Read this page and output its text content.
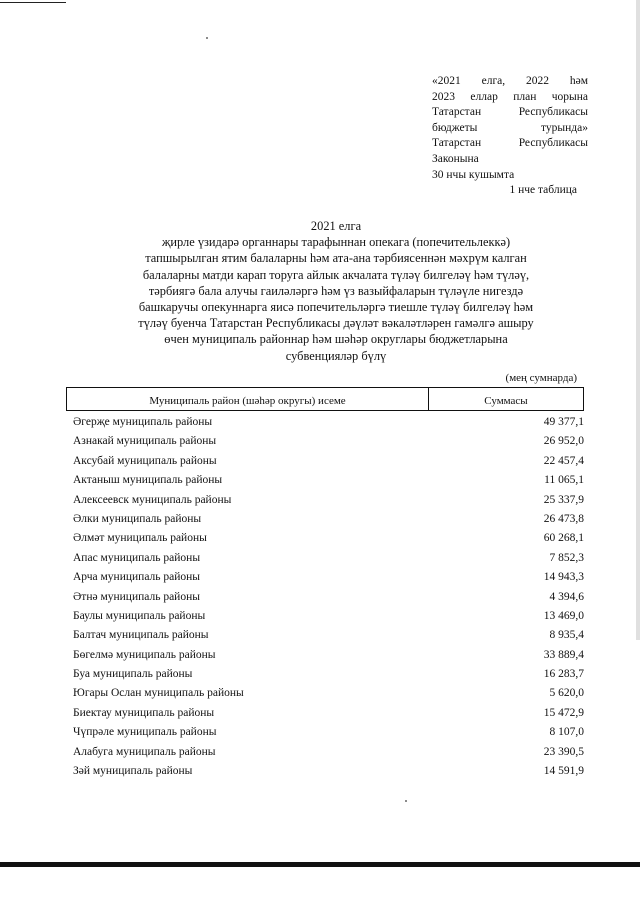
«2021 елга, 2022 һәм
2023 еллар план чорына
Татарстан Республикасы
бюджеты турында»
Татарстан Республикасы
Законына
30 нчы кушымта
1 нче таблица
2021 елга
җирле үзидарә органнары тарафыннан опекага (попечительлеккә)
тапшырылган ятим балаларны һәм ата-ана тәрбиясеннән мәхрүм калган
балаларны матди карап торуга айлык акчалата түләү билгеләү һәм түләү,
тәрбиягә бала алучы гаиләләргә һәм үз вазыйфаларын түләүле нигездә
башкаручы опекуннарга яисә попечительләргә тиешле түләү билгеләү һәм
түләү буенча Татарстан Республикасы дәүләт вәкаләтләрен гамәлгә ашыру
өчен муниципаль районнар һәм шәһәр округлары бюджетларына
субвенцияләр бүлү
(мең сумнарда)
Муниципаль район (шәһәр округы) исеме	Суммасы
Әгерҗе муниципаль районы	49 377,1
Азнакай муниципаль районы	26 952,0
Аксубай муниципаль районы	22 457,4
Актаныш муниципаль районы	11 065,1
Алексеевск муниципаль районы	25 337,9
Әлки муниципаль районы	26 473,8
Әлмәт муниципаль районы	60 268,1
Апас муниципаль районы	7 852,3
Арча муниципаль районы	14 943,3
Әтнә муниципаль районы	4 394,6
Баулы муниципаль районы	13 469,0
Балтач муниципаль районы	8 935,4
Бөгелмә муниципаль районы	33 889,4
Буа муниципаль районы	16 283,7
Югары Ослан муниципаль районы	5 620,0
Биектау муниципаль районы	15 472,9
Чүпрәле муниципаль районы	8 107,0
Алабуга муниципаль районы	23 390,5
Зәй муниципаль районы	14 591,9
